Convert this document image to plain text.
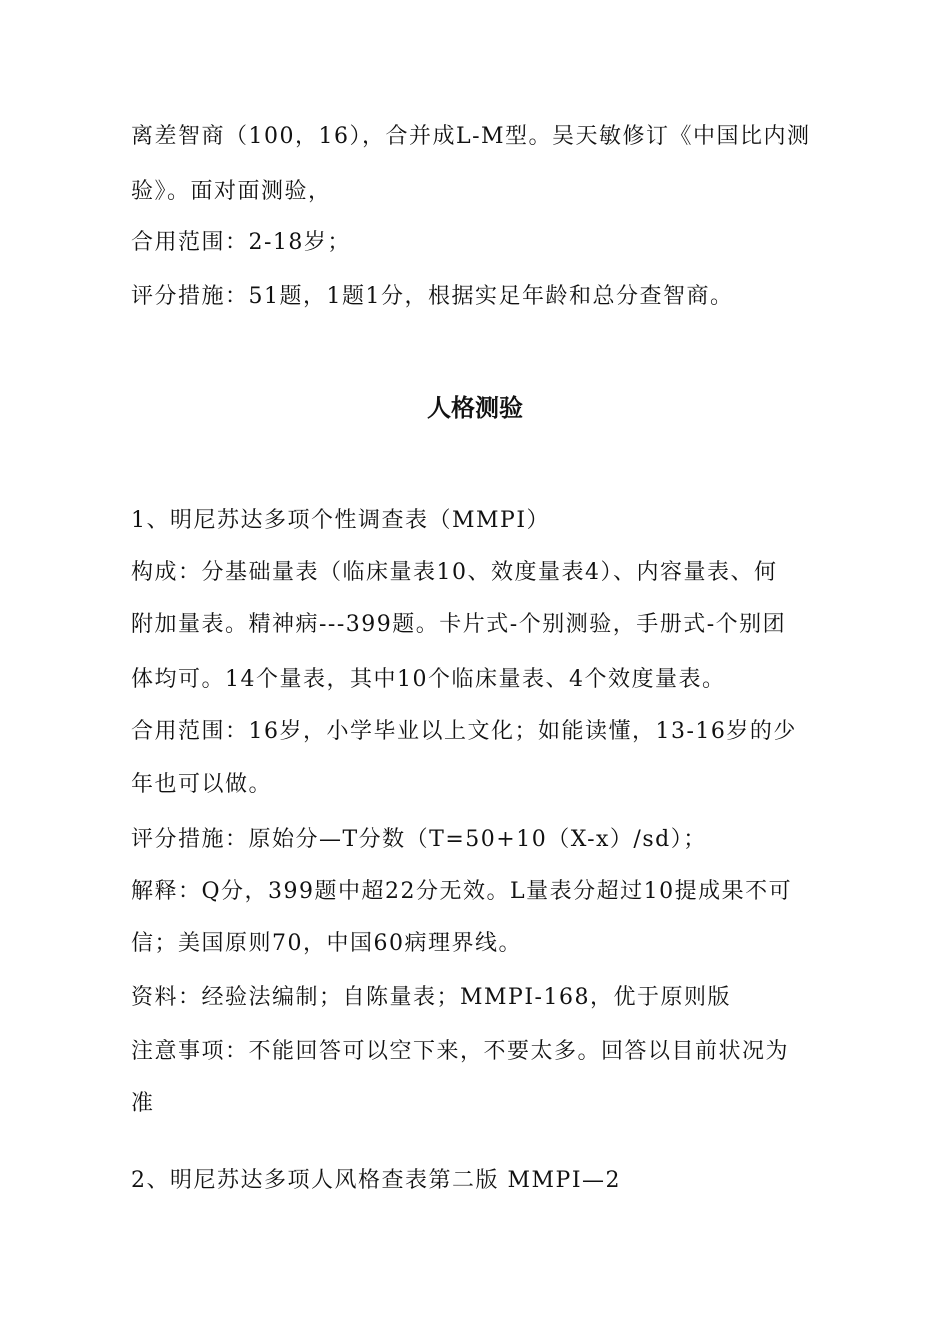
离差智商（100，16），合并成L-M型。吴天敏修订《中国比内测
验》。面对面测验，
合用范围：2-18岁；
评分措施：51题，1题1分，根据实足年龄和总分查智商。
人格测验
1、明尼苏达多项个性调查表（MMPI）
构成：分基础量表（临床量表10、效度量表4）、内容量表、何
附加量表。精神病---399题。卡片式-个别测验，手册式-个别团
体均可。14个量表，其中10个临床量表、4个效度量表。
合用范围：16岁，小学毕业以上文化；如能读懂，13-16岁的少
年也可以做。
评分措施：原始分—T分数（T=50+10（X-x）/sd）；
解释：Q分，399题中超22分无效。L量表分超过10提成果不可
信；美国原则70，中国60病理界线。
资料：经验法编制；自陈量表；MMPI-168，优于原则版
注意事项：不能回答可以空下来，不要太多。回答以目前状况为
准
2、明尼苏达多项人风格查表第二版 MMPI—2
